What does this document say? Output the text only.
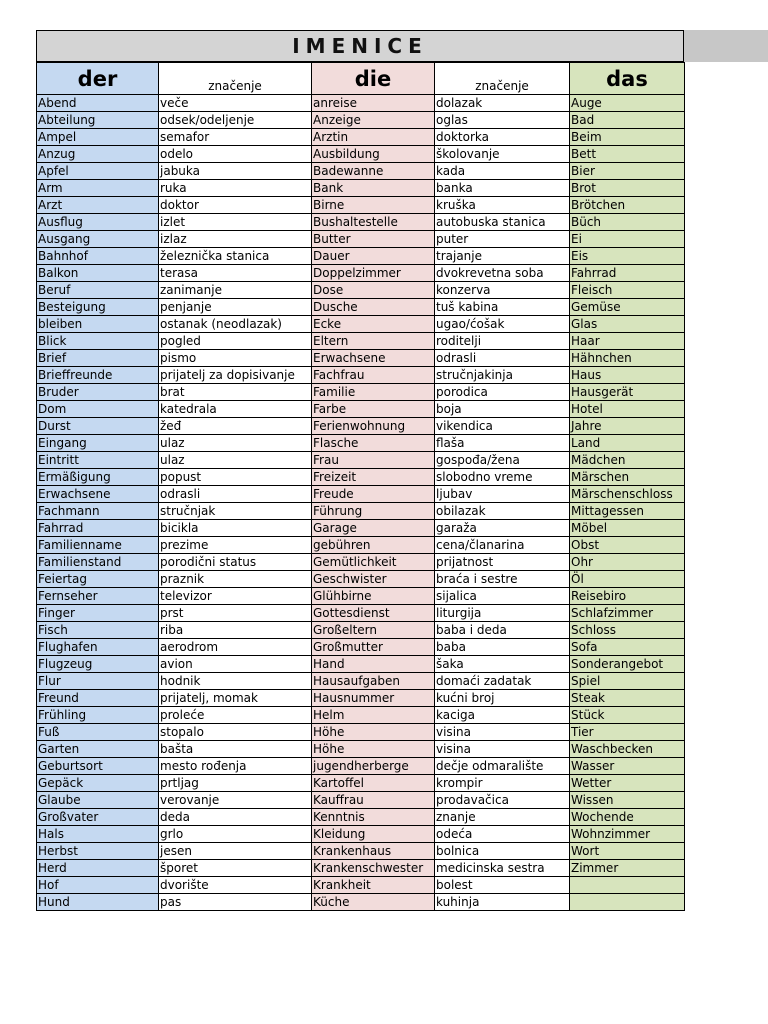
IMENICE
der	značenje	die	značenje	das
Abend	veče	anreise	dolazak	Auge
Abteilung	odsek/odeljenje	Anzeige	oglas	Bad
Ampel	semafor	Arztin	doktorka	Beim
Anzug	odelo	Ausbildung	školovanje	Bett
Apfel	jabuka	Badewanne	kada	Bier
Arm	ruka	Bank	banka	Brot
Arzt	doktor	Birne	kruška	Brötchen
Ausflug	izlet	Bushaltestelle	autobuska stanica	Büch
Ausgang	izlaz	Butter	puter	Ei
Bahnhof	železnička stanica	Dauer	trajanje	Eis
Balkon	terasa	Doppelzimmer	dvokrevetna soba	Fahrrad
Beruf	zanimanje	Dose	konzerva	Fleisch
Besteigung	penjanje	Dusche	tuš kabina	Gemüse
bleiben	ostanak (neodlazak)	Ecke	ugao/ćošak	Glas
Blick	pogled	Eltern	roditelji	Haar
Brief	pismo	Erwachsene	odrasli	Hähnchen
Brieffreunde	prijatelj za dopisivanje	Fachfrau	stručnjakinja	Haus
Bruder	brat	Familie	porodica	Hausgerät
Dom	katedrala	Farbe	boja	Hotel
Durst	žeđ	Ferienwohnung	vikendica	Jahre
Eingang	ulaz	Flasche	flaša	Land
Eintritt	ulaz	Frau	gospođa/žena	Mädchen
Ermäßigung	popust	Freizeit	slobodno vreme	Märschen
Erwachsene	odrasli	Freude	ljubav	Märschenschloss
Fachmann	stručnjak	Führung	obilazak	Mittagessen
Fahrrad	bicikla	Garage	garaža	Möbel
Familienname	prezime	gebühren	cena/članarina	Obst
Familienstand	porodični status	Gemütlichkeit	prijatnost	Ohr
Feiertag	praznik	Geschwister	braća i sestre	Öl
Fernseher	televizor	Glühbirne	sijalica	Reisebiro
Finger	prst	Gottesdienst	liturgija	Schlafzimmer
Fisch	riba	Großeltern	baba i deda	Schloss
Flughafen	aerodrom	Großmutter	baba	Sofa
Flugzeug	avion	Hand	šaka	Sonderangebot
Flur	hodnik	Hausaufgaben	domaći zadatak	Spiel
Freund	prijatelj, momak	Hausnummer	kućni broj	Steak
Frühling	proleće	Helm	kaciga	Stück
Fuß	stopalo	Höhe	visina	Tier
Garten	bašta	Höhe	visina	Waschbecken
Geburtsort	mesto rođenja	jugendherberge	dečje odmaralište	Wasser
Gepäck	prtljag	Kartoffel	krompir	Wetter
Glaube	verovanje	Kauffrau	prodavačica	Wissen
Großvater	deda	Kenntnis	znanje	Wochende
Hals	grlo	Kleidung	odeća	Wohnzimmer
Herbst	jesen	Krankenhaus	bolnica	Wort
Herd	šporet	Krankenschwester	medicinska sestra	Zimmer
Hof	dvorište	Krankheit	bolest	
Hund	pas	Küche	kuhinja	
